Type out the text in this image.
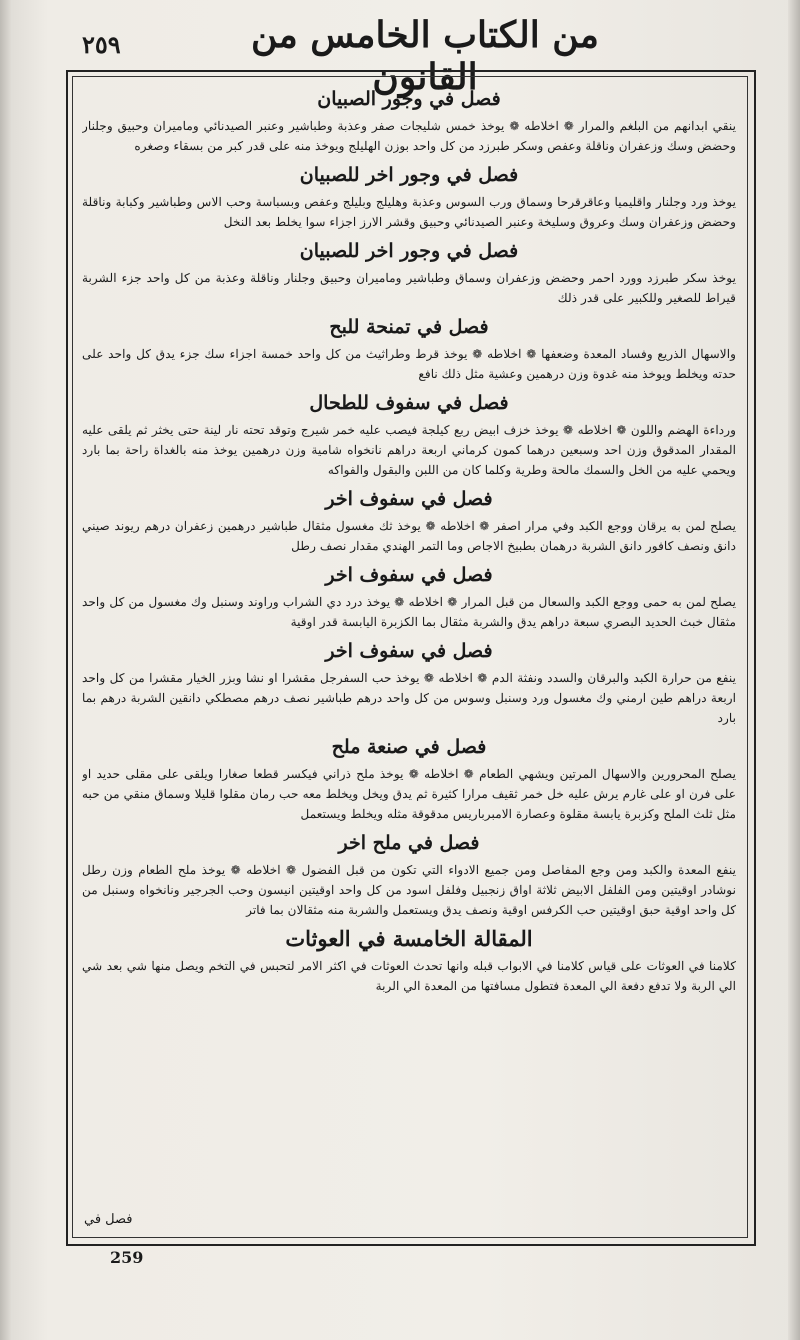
٢٥٩	من الكتاب الخامس من القانون
فصل في وجور الصبيان
ينقي ابدانهم من البلغم والمرار ❁ اخلاطه ❁ يوخذ خمس شليجات صفر وعذبة وطباشير وعنبر الصيدنائي وماميران وحبيق وجلنار وحضض وسك وزعفران وناقلة وعفص وسكر طبرزد من كل واحد بوزن الهليلج ويوخذ منه على قدر كبر من بسقاء وصغره
فصل في وجور اخر للصبيان
يوخذ ورد وجلنار واقليميا وعاقرقرحا وسماق ورب السوس وعذبة وهليلج وبليلج وعفص وبسباسة وحب الاس وطباشير وكبابة وناقلة وحضض وزعفران وسك وعروق وسليخة وعنبر الصيدنائي وحبيق وقشر الارز اجزاء سوا يخلط بعد النخل
فصل في وجور اخر للصبيان
يوخذ سكر طبرزد وورد احمر وحضض وزعفران وسماق وطباشير وماميران وحبيق وجلنار وناقلة وعذبة من كل واحد جزء الشربة قيراط للصغير وللكبير على قدر ذلك
فصل في تمنحة للبح
والاسهال الذريع وفساد المعدة وضعفها ❁ اخلاطه ❁ يوخذ قرط وطراثيث من كل واحد خمسة اجزاء سك جزء يدق كل واحد على حدته ويخلط ويوخذ منه غدوة وزن درهمين وعشية مثل ذلك نافع
فصل في سفوف للطحال
ورداءة الهضم واللون ❁ اخلاطه ❁ يوخذ خزف ابيض ربع كيلجة فيصب عليه خمر شيرج وتوقد تحته نار لينة حتى يخثر ثم يلقى عليه المقدار المدقوق وزن احد وسبعين درهما كمون كرماني اربعة دراهم نانخواه شامية وزن درهمين يوخذ منه بالغداة راحة بما بارد ويحمي عليه من الخل والسمك مالحة وطرية وكلما كان من اللبن والبقول والفواكه
فصل في سفوف اخر
يصلح لمن به يرقان ووجع الكبد وفي مرار اصفر ❁ اخلاطه ❁ يوخذ ثك مغسول مثقال طباشير درهمين زعفران درهم ريوند صيني دانق ونصف كافور دانق الشربة درهمان بطبيخ الاجاص وما التمر الهندي مقدار نصف رطل
فصل في سفوف اخر
يصلح لمن به حمى ووجع الكبد والسعال من قبل المرار ❁ اخلاطه ❁ يوخذ درد دي الشراب وراوند وسنبل وك مغسول من كل واحد مثقال خبث الحديد البصري سبعة دراهم يدق والشربة مثقال بما الكزبرة اليابسة قدر اوقية
فصل في سفوف اخر
ينفع من حرارة الكبد والبرقان والسدد ونفثة الدم ❁ اخلاطه ❁ يوخذ حب السفرجل مقشرا او نشا وبزر الخيار مقشرا من كل واحد اربعة دراهم طين ارمني وك مغسول ورد وسنبل وسوس من كل واحد درهم طباشير نصف درهم مصطكي دانقين الشربة درهم بما بارد
فصل في صنعة ملح
يصلح المحرورين والاسهال المرتين ويشهي الطعام ❁ اخلاطه ❁ يوخذ ملح ذراني فيكسر قطعا صغارا ويلقى على مقلى حديد او على فرن او على غارم يرش عليه خل خمر ثقيف مرارا كثيرة ثم يدق ويخل ويخلط معه حب رمان مقلوا قليلا وسماق منقي من حبه مثل ثلث الملح وكزبرة يابسة مقلوة وعصارة الامبرباريس مدقوقة مثله ويخلط ويستعمل
فصل في ملح اخر
ينفع المعدة والكبد ومن وجع المفاصل ومن جميع الادواء التي تكون من قبل الفضول ❁ اخلاطه ❁ يوخذ ملح الطعام وزن رطل نوشادر اوقيتين ومن الفلفل الابيض ثلاثة اواق زنجبيل وفلفل اسود من كل واحد اوقيتين انيسون وحب الجرجير ونانخواه وسنبل من كل واحد اوقية حبق اوقيتين حب الكرفس اوقية ونصف يدق ويستعمل والشربة منه مثقالان بما فاتر
المقالة الخامسة في العوثات
كلامنا في العوثات على قياس كلامنا في الابواب قبله وانها تحدث العوثات في اكثر الامر لتحبس في التخم ويصل منها شي بعد شي الي الربة ولا تدفع دفعة الي المعدة فتطول مسافتها من المعدة الي الربة
فصل في
259
